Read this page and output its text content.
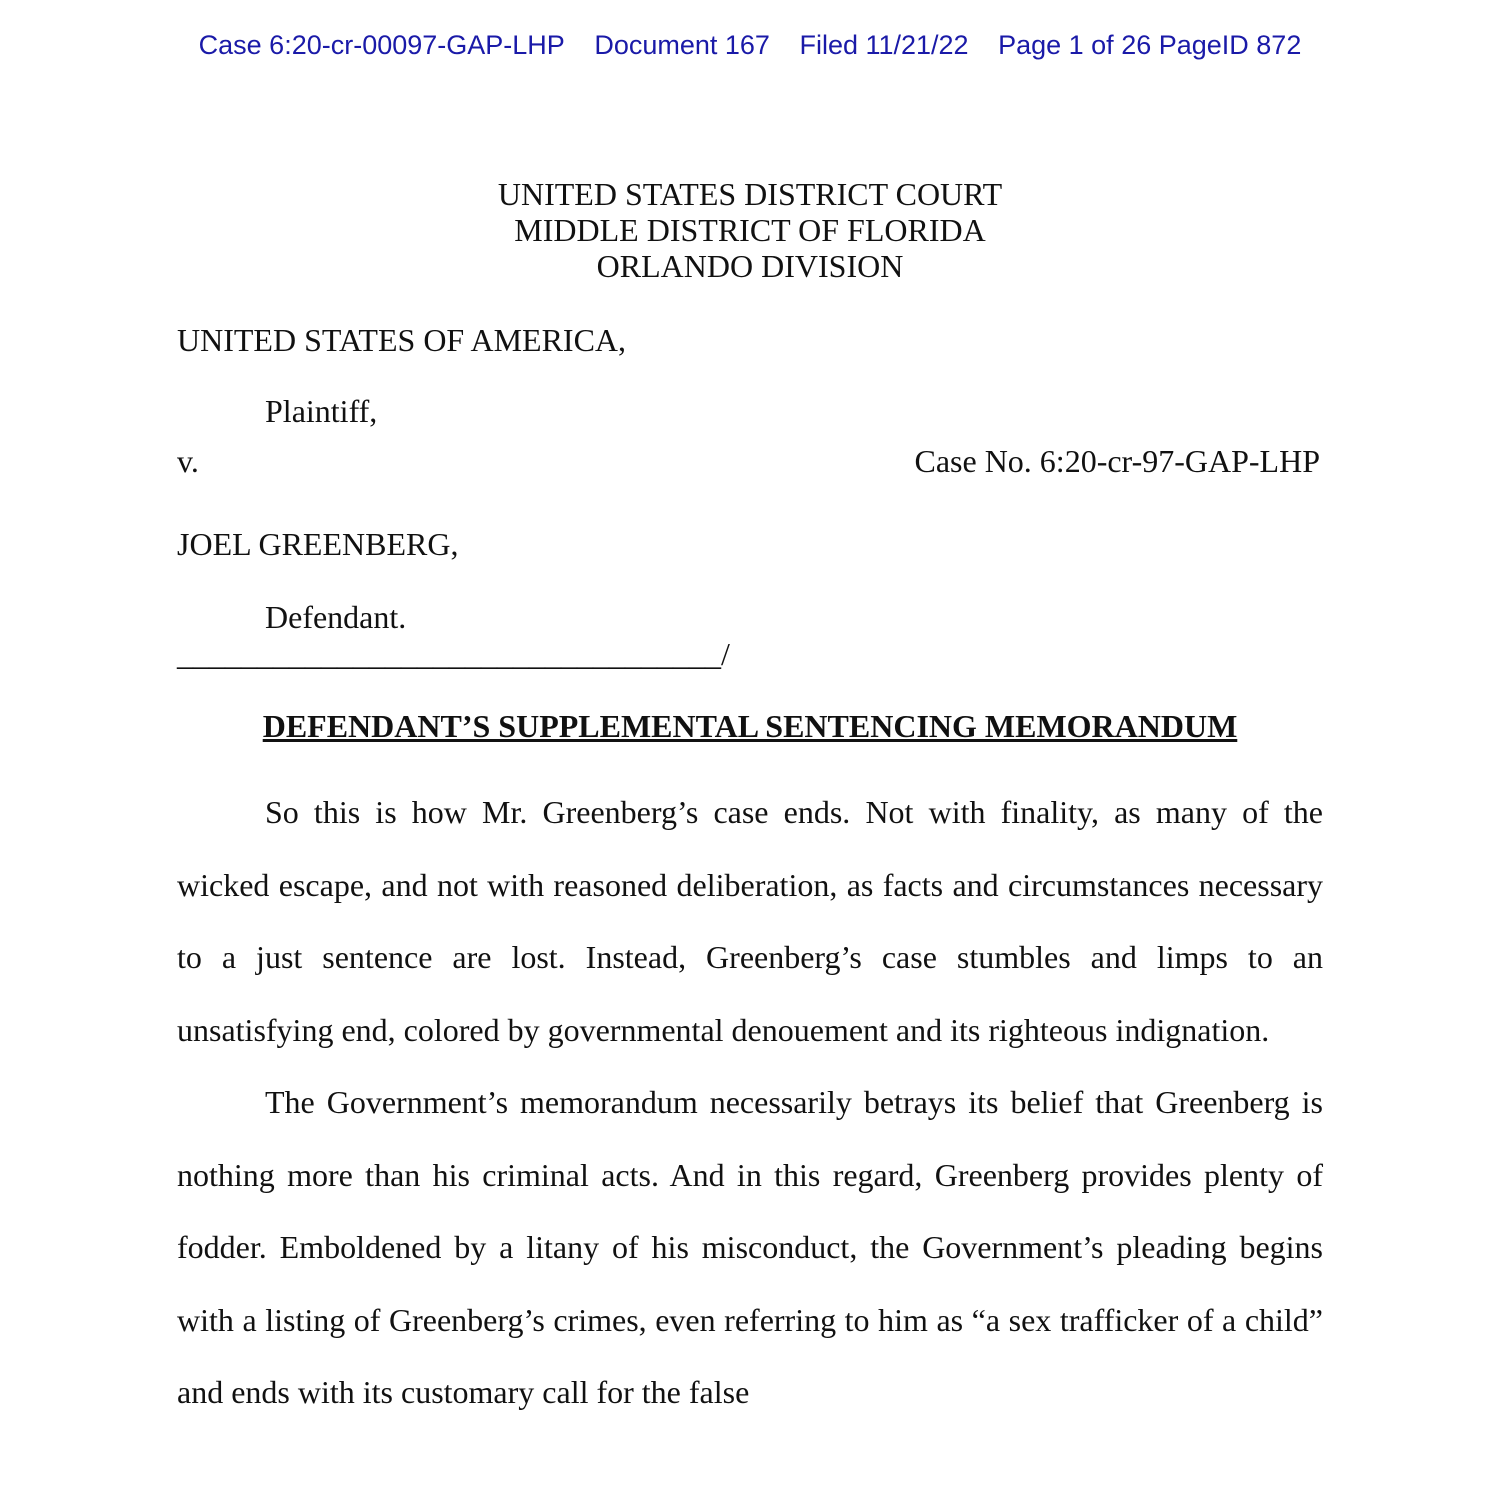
Case 6:20-cr-00097-GAP-LHP Document 167 Filed 11/21/22 Page 1 of 26 PageID 872
UNITED STATES DISTRICT COURT
MIDDLE DISTRICT OF FLORIDA
ORLANDO DIVISION
UNITED STATES OF AMERICA,
Plaintiff,
v.	Case No. 6:20-cr-97-GAP-LHP
JOEL GREENBERG,
Defendant.
__________________________________/
DEFENDANT’S SUPPLEMENTAL SENTENCING MEMORANDUM

So this is how Mr. Greenberg’s case ends. Not with finality, as many of the wicked escape, and not with reasoned deliberation, as facts and circumstances necessary to a just sentence are lost. Instead, Greenberg’s case stumbles and limps to an unsatisfying end, colored by governmental denouement and its righteous indignation.

The Government’s memorandum necessarily betrays its belief that Greenberg is nothing more than his criminal acts. And in this regard, Greenberg provides plenty of fodder. Emboldened by a litany of his misconduct, the Government’s pleading begins with a listing of Greenberg’s crimes, even referring to him as “a sex trafficker of a child” and ends with its customary call for the false
